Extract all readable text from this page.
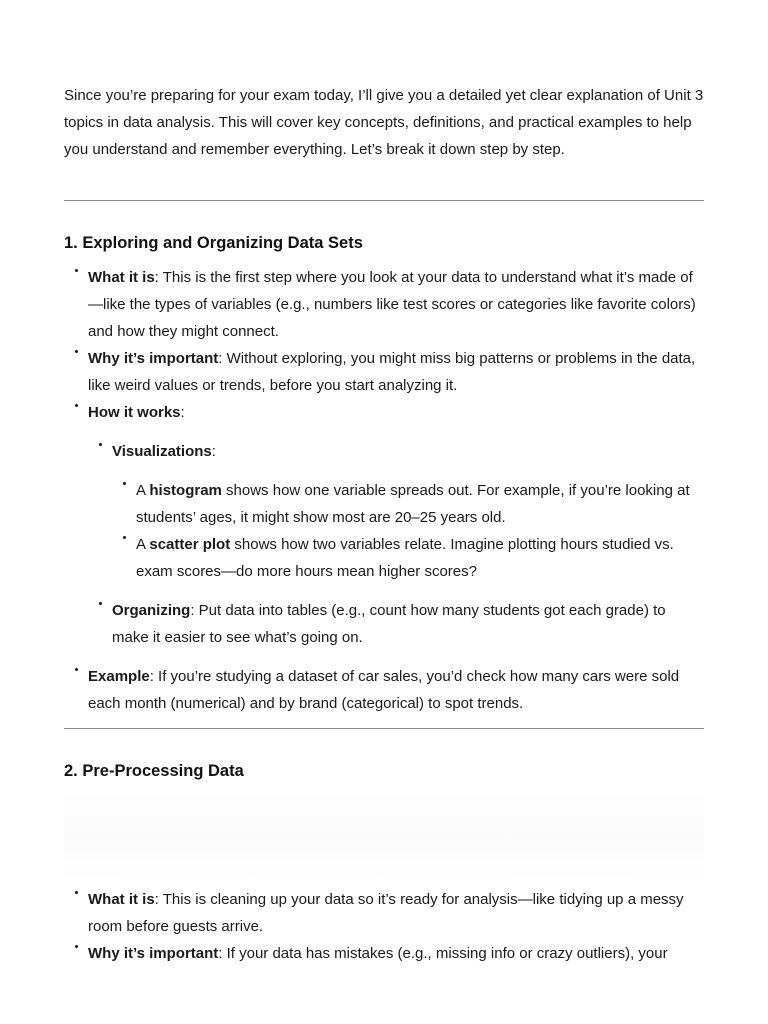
Since you’re preparing for your exam today, I’ll give you a detailed yet clear explanation of Unit 3 topics in data analysis. This will cover key concepts, definitions, and practical examples to help you understand and remember everything. Let’s break it down step by step.

1. Exploring and Organizing Data Sets
What it is: This is the first step where you look at your data to understand what it’s made of—like the types of variables (e.g., numbers like test scores or categories like favorite colors) and how they might connect.
Why it’s important: Without exploring, you might miss big patterns or problems in the data, like weird values or trends, before you start analyzing it.
How it works:
Visualizations:
A histogram shows how one variable spreads out. For example, if you’re looking at students’ ages, it might show most are 20–25 years old.
A scatter plot shows how two variables relate. Imagine plotting hours studied vs. exam scores—do more hours mean higher scores?
Organizing: Put data into tables (e.g., count how many students got each grade) to make it easier to see what’s going on.
Example: If you’re studying a dataset of car sales, you’d check how many cars were sold each month (numerical) and by brand (categorical) to spot trends.
2. Pre-Processing Data
What it is: This is cleaning up your data so it’s ready for analysis—like tidying up a messy room before guests arrive.
Why it’s important: If your data has mistakes (e.g., missing info or crazy outliers), your
